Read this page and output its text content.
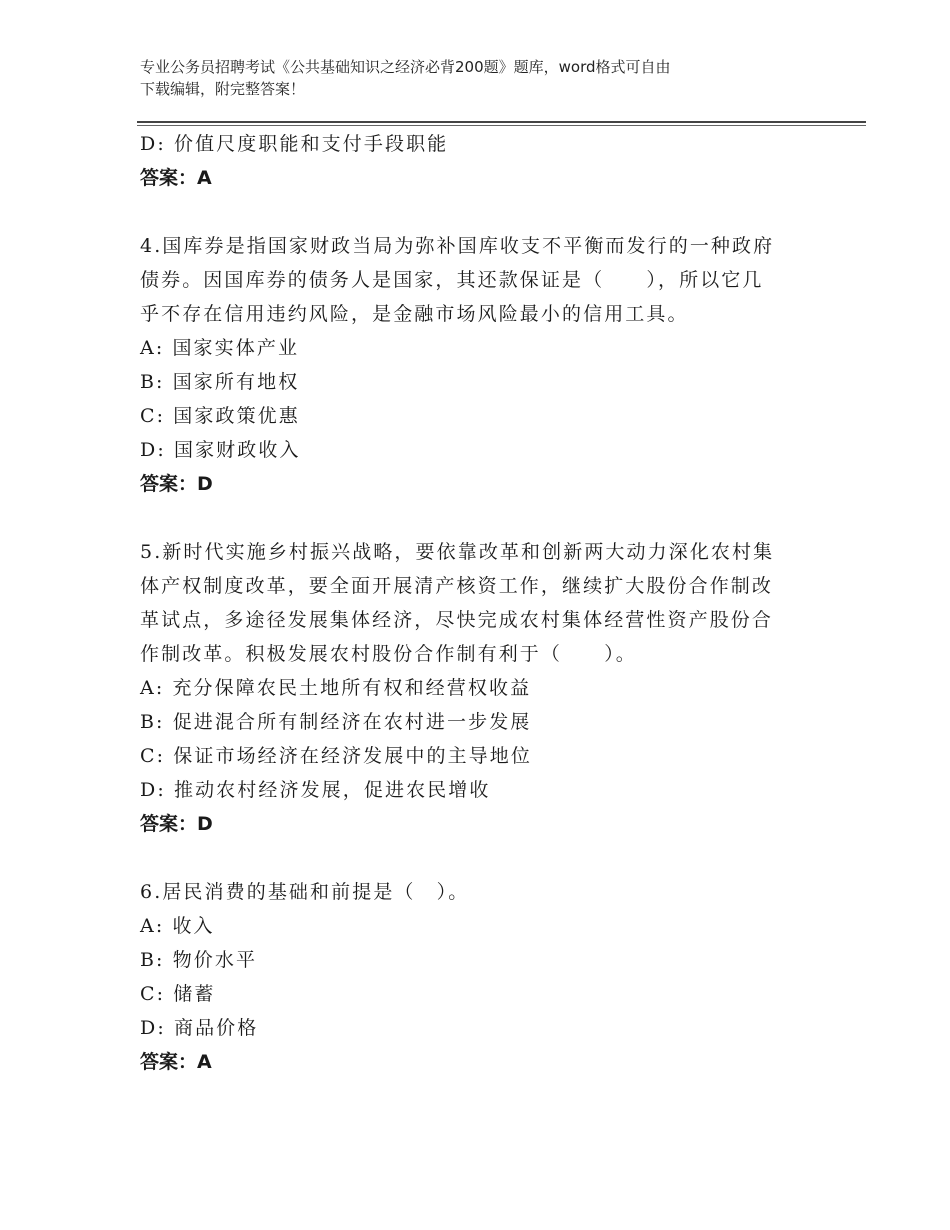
专业公务员招聘考试《公共基础知识之经济必背200题》题库，word格式可自由
下载编辑，附完整答案！
D: 价值尺度职能和支付手段职能
答案：A
4.国库券是指国家财政当局为弥补国库收支不平衡而发行的一种政府
债券。因国库券的债务人是国家，其还款保证是（　　），所以它几
乎不存在信用违约风险，是金融市场风险最小的信用工具。
A: 国家实体产业
B: 国家所有地权
C: 国家政策优惠
D: 国家财政收入
答案：D
5.新时代实施乡村振兴战略，要依靠改革和创新两大动力深化农村集
体产权制度改革，要全面开展清产核资工作，继续扩大股份合作制改
革试点，多途径发展集体经济，尽快完成农村集体经营性资产股份合
作制改革。积极发展农村股份合作制有利于（　　）。
A: 充分保障农民土地所有权和经营权收益
B: 促进混合所有制经济在农村进一步发展
C: 保证市场经济在经济发展中的主导地位
D: 推动农村经济发展，促进农民增收
答案：D
6.居民消费的基础和前提是（　）。
A: 收入
B: 物价水平
C: 储蓄
D: 商品价格
答案：A
